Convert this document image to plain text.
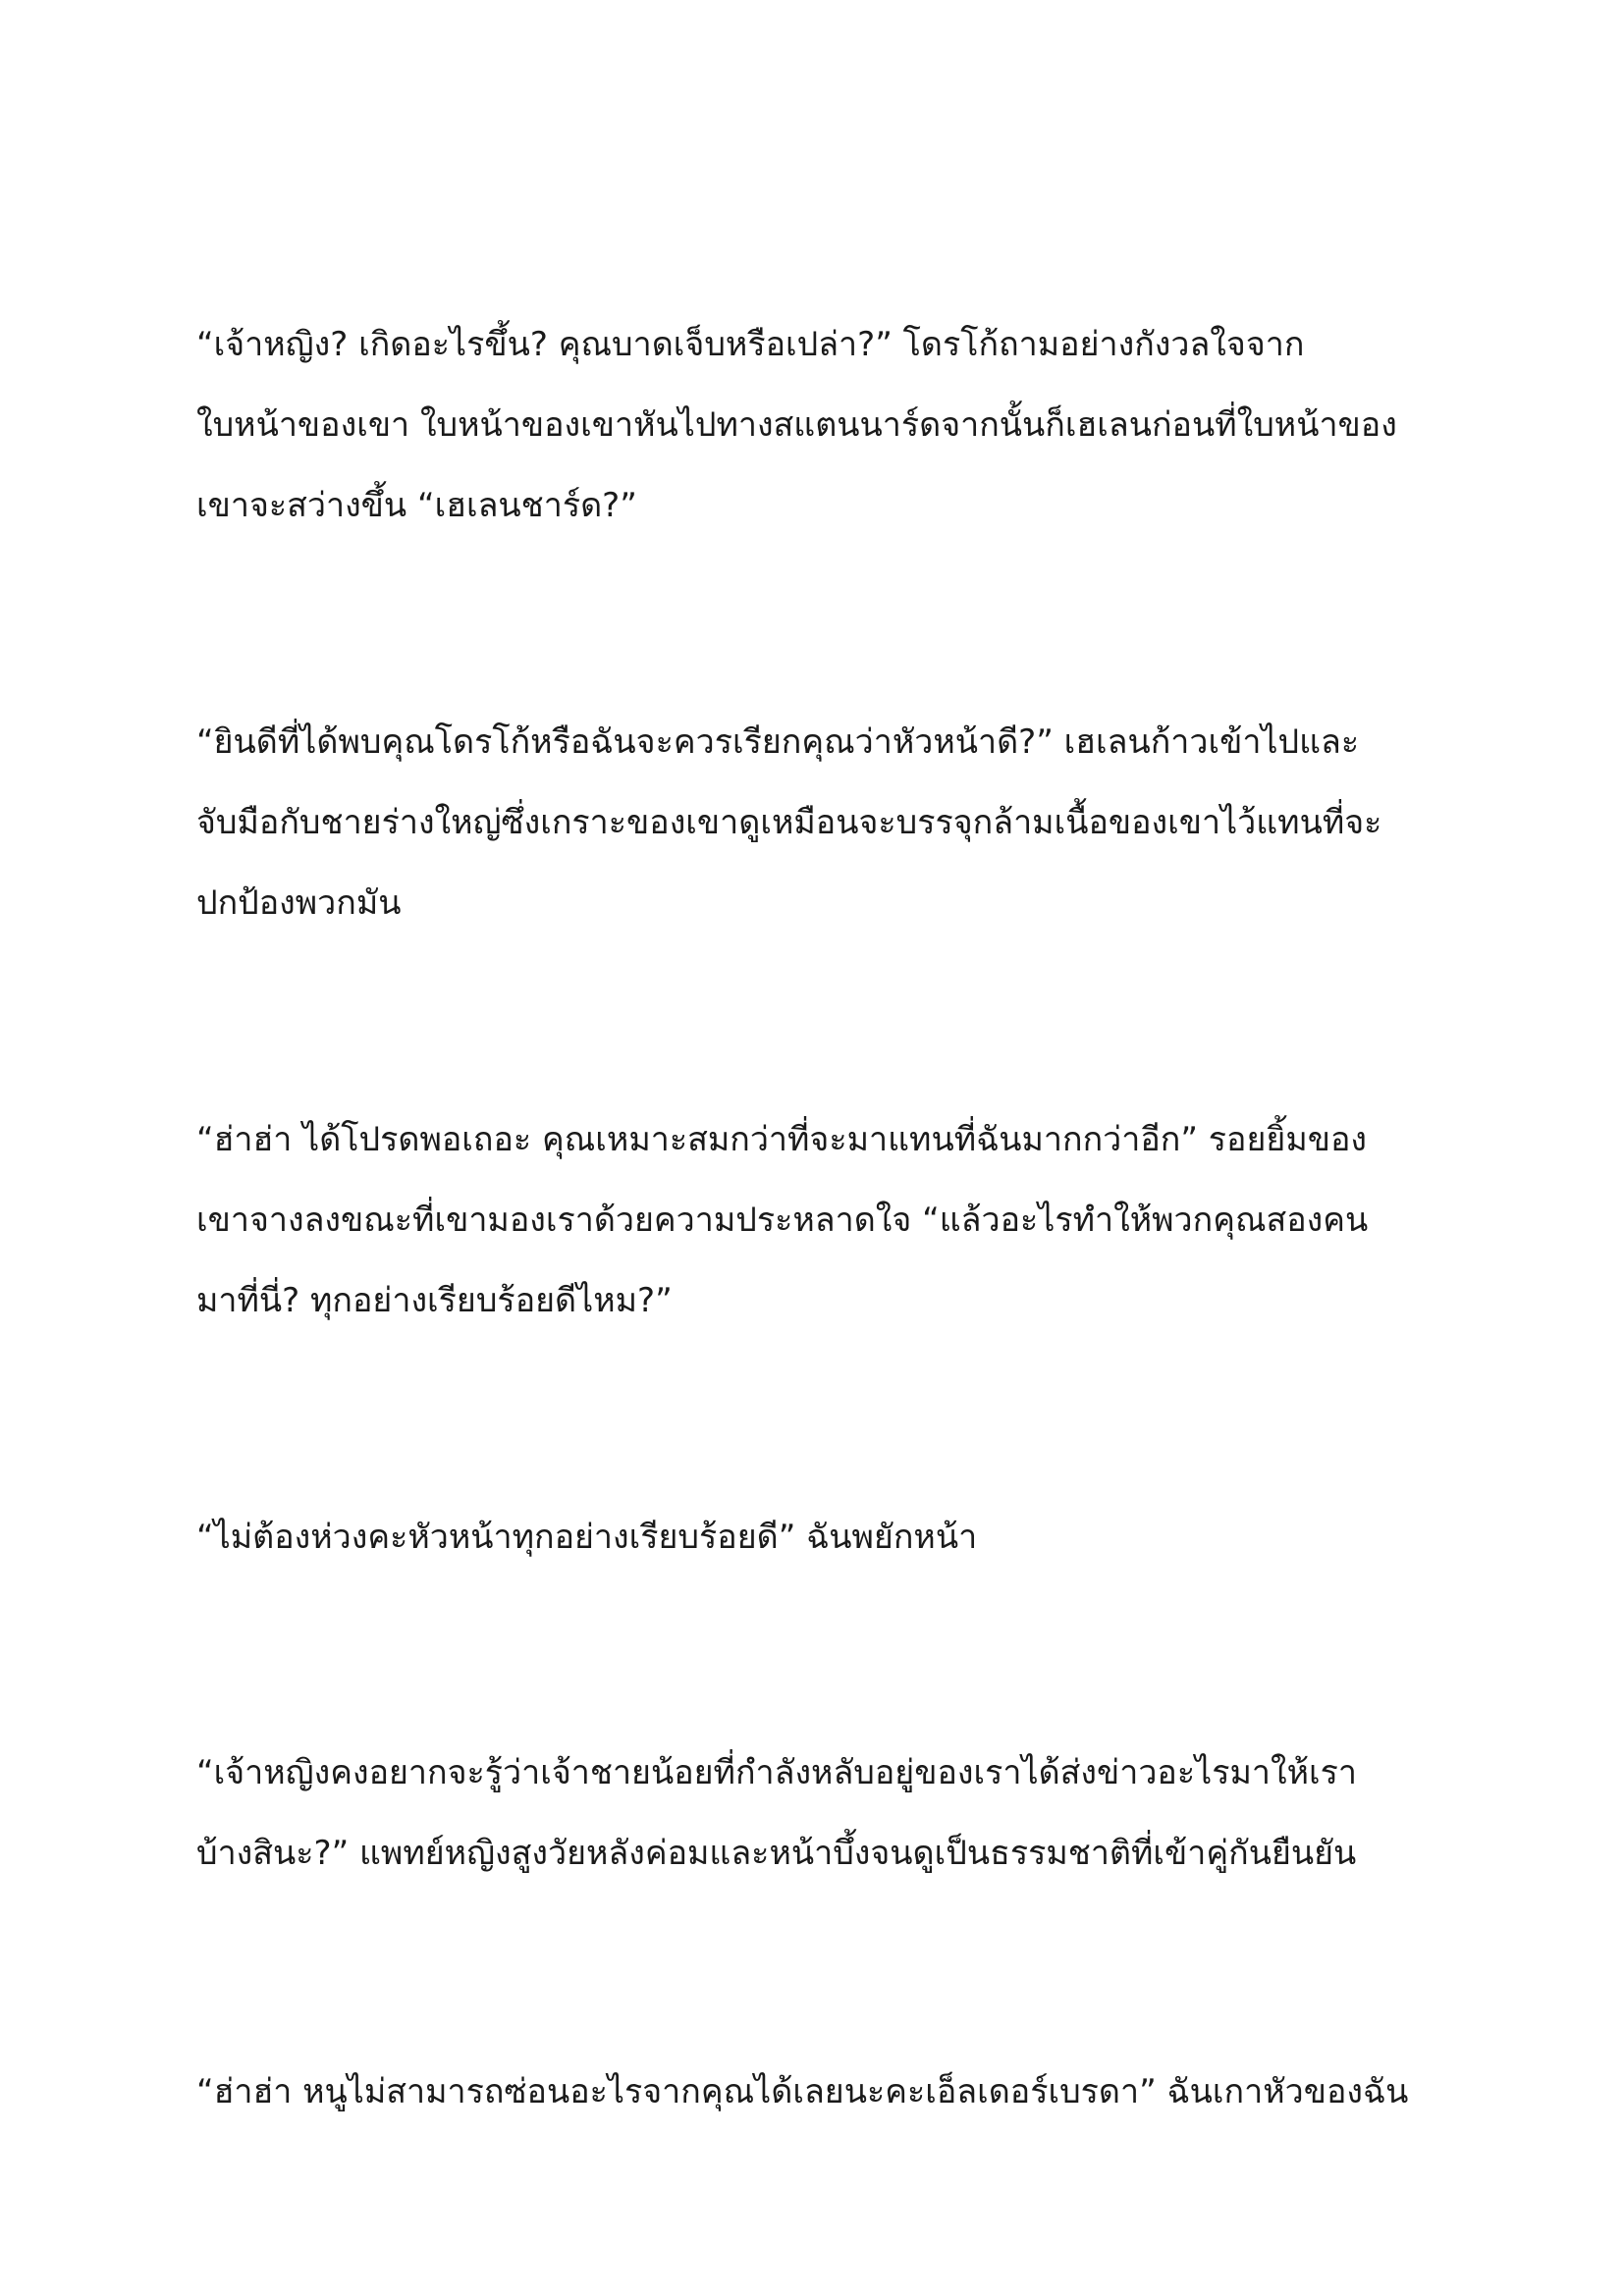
“เจ้าหญิง? เกิดอะไรขึ้น? คุณบาดเจ็บหรือเปล่า?” โดรโก้ถามอย่างกังวลใจจาก
ใบหน้าของเขา ใบหน้าของเขาหันไปทางสแตนนาร์ดจากนั้นก็เฮเลนก่อนที่ใบหน้าของ
เขาจะสว่างขึ้น “เฮเลนชาร์ด?”

“ยินดีที่ได้พบคุณโดรโก้หรือฉันจะควรเรียกคุณว่าหัวหน้าดี?” เฮเลนก้าวเข้าไปและ
จับมือกับชายร่างใหญ่ซึ่งเกราะของเขาดูเหมือนจะบรรจุกล้ามเนื้อของเขาไว้แทนที่จะ
ปกป้องพวกมัน

“ฮ่าฮ่า ได้โปรดพอเถอะ คุณเหมาะสมกว่าที่จะมาแทนที่ฉันมากกว่าอีก” รอยยิ้มของ
เขาจางลงขณะที่เขามองเราด้วยความประหลาดใจ “แล้วอะไรทำให้พวกคุณสองคน
มาที่นี่? ทุกอย่างเรียบร้อยดีไหม?”

“ไม่ต้องห่วงคะหัวหน้าทุกอย่างเรียบร้อยดี” ฉันพยักหน้า

“เจ้าหญิงคงอยากจะรู้ว่าเจ้าชายน้อยที่กำลังหลับอยู่ของเราได้ส่งข่าวอะไรมาให้เรา
บ้างสินะ?” แพทย์หญิงสูงวัยหลังค่อมและหน้าบึ้งจนดูเป็นธรรมชาติที่เข้าคู่กันยืนยัน

“ฮ่าฮ่า หนูไม่สามารถซ่อนอะไรจากคุณได้เลยนะคะเอ็ลเดอร์เบรดา” ฉันเกาหัวของฉัน
